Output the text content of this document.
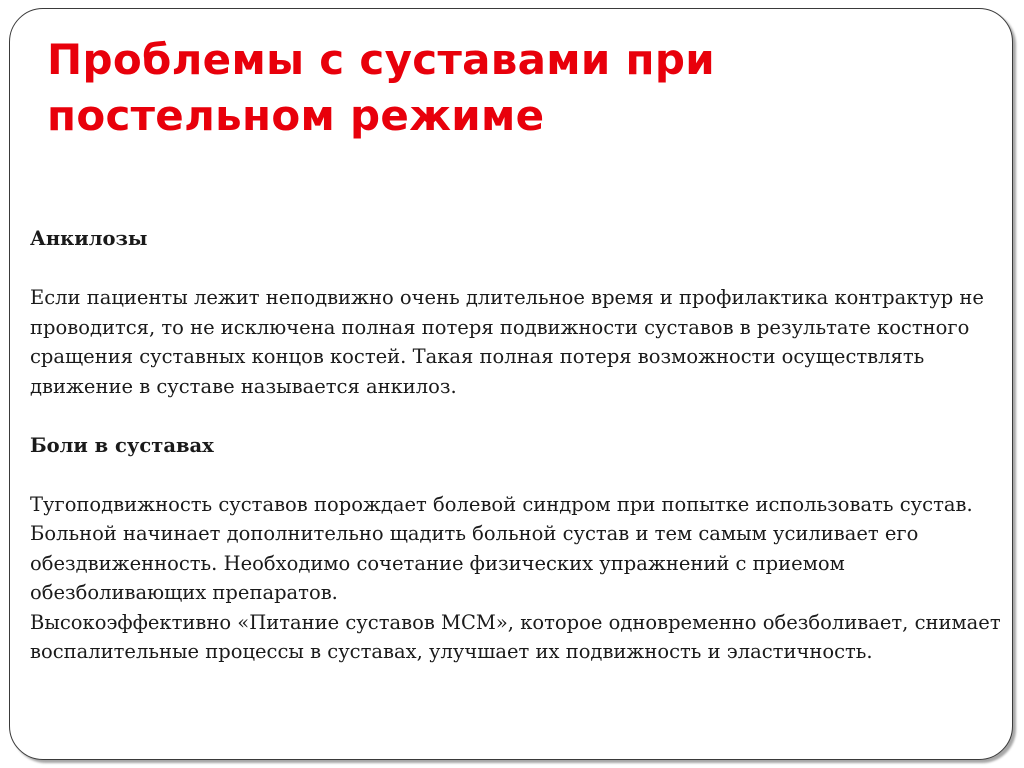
Проблемы с суставами при
постельном режиме

Анкилозы

Если пациенты лежит неподвижно очень длительное время и профилактика контрактур не проводится, то не исключена полная потеря подвижности суставов в результате костного сращения суставных концов костей. Такая полная потеря возможности осуществлять движение в суставе называется анкилоз.

Боли в суставах

Тугоподвижность суставов порождает болевой синдром при попытке использовать сустав. Больной начинает дополнительно щадить больной сустав и тем самым усиливает его обездвиженность. Необходимо сочетание физических упражнений с приемом обезболивающих препаратов.

Высокоэффективно «Питание суставов МСМ», которое одновременно обезболивает, снимает воспалительные процессы в суставах, улучшает их подвижность и эластичность.
